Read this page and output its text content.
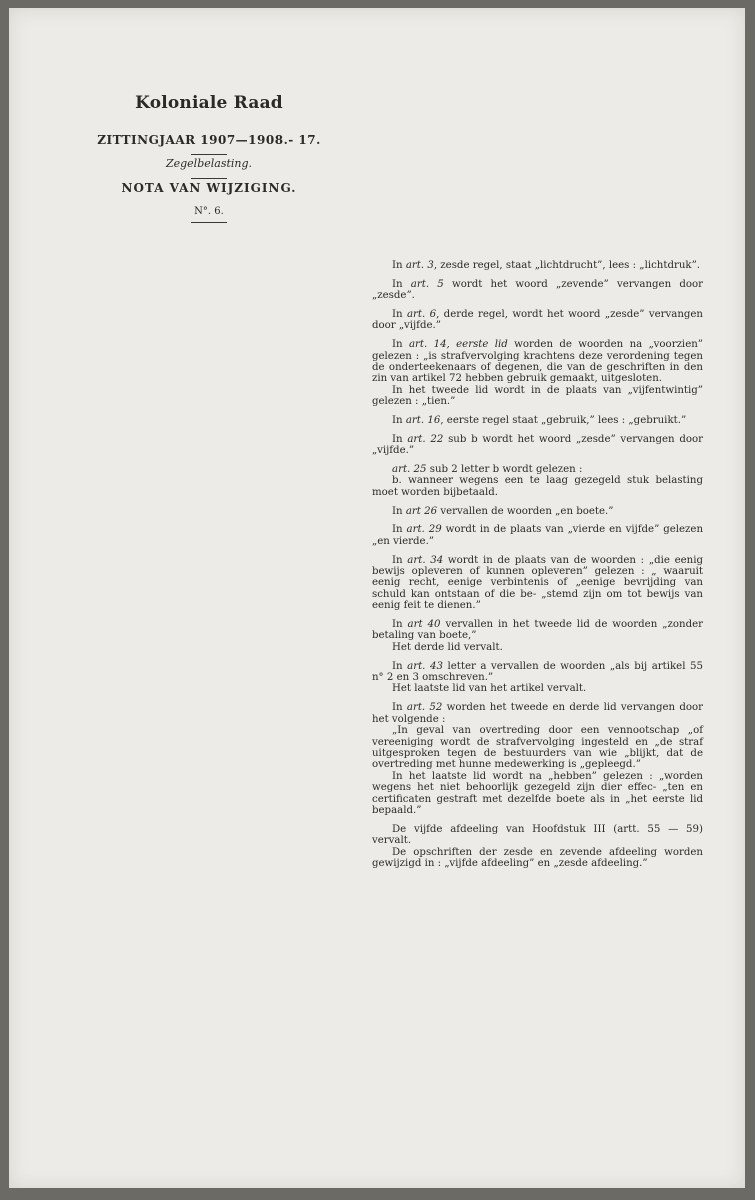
Koloniale Raad
ZITTINGJAAR 1907—1908.- 17.
Zegelbelasting.
NOTA VAN WIJZIGING.
N°. 6.

In art. 3, zesde regel, staat „lichtdrucht”, lees : „lichtdruk”.

In art. 5 wordt het woord „zevende” vervangen door „zesde”.

In art. 6, derde regel, wordt het woord „zesde” vervangen door „vijfde.”

In art. 14, eerste lid worden de woorden na „voorzien” gelezen : „is strafvervolging krachtens deze verordening tegen de onderteekenaars of degenen, die van de geschriften in den zin van artikel 72 hebben gebruik gemaakt, uitgesloten.

In het tweede lid wordt in de plaats van „vijfentwintig” gelezen : „tien.”

In art. 16, eerste regel staat „gebruik,” lees : „gebruikt.”

In art. 22 sub b wordt het woord „zesde” vervangen door „vijfde.”

art. 25 sub 2 letter b wordt gelezen :

b. wanneer wegens een te laag gezegeld stuk belasting moet worden bijbetaald.

In art 26 vervallen de woorden „en boete.”

In art. 29 wordt in de plaats van „vierde en vijfde” gelezen „en vierde.”

In art. 34 wordt in de plaats van de woorden : „die eenig bewijs opleveren of kunnen opleveren” gelezen : „ waaruit eenig recht, eenige verbintenis of „eenige bevrijding van schuld kan ontstaan of die be- „stemd zijn om tot bewijs van eenig feit te dienen.”

In art 40 vervallen in het tweede lid de woorden „zonder betaling van boete,”

Het derde lid vervalt.

In art. 43 letter a vervallen de woorden „als bij artikel 55 n° 2 en 3 omschreven.”

Het laatste lid van het artikel vervalt.

In art. 52 worden het tweede en derde lid vervangen door het volgende :

„In geval van overtreding door een vennootschap „of vereeniging wordt de strafvervolging ingesteld en „de straf uitgesproken tegen de bestuurders van wie „blijkt, dat de overtreding met hunne medewerking is „gepleegd.”

In het laatste lid wordt na „hebben” gelezen : „worden wegens het niet behoorlijk gezegeld zijn dier effec- „ten en certificaten gestraft met dezelfde boete als in „het eerste lid bepaald.”

De vijfde afdeeling van Hoofdstuk III (artt. 55 — 59) vervalt.

De opschriften der zesde en zevende afdeeling worden gewijzigd in : „vijfde afdeeling” en „zesde afdeeling.”
